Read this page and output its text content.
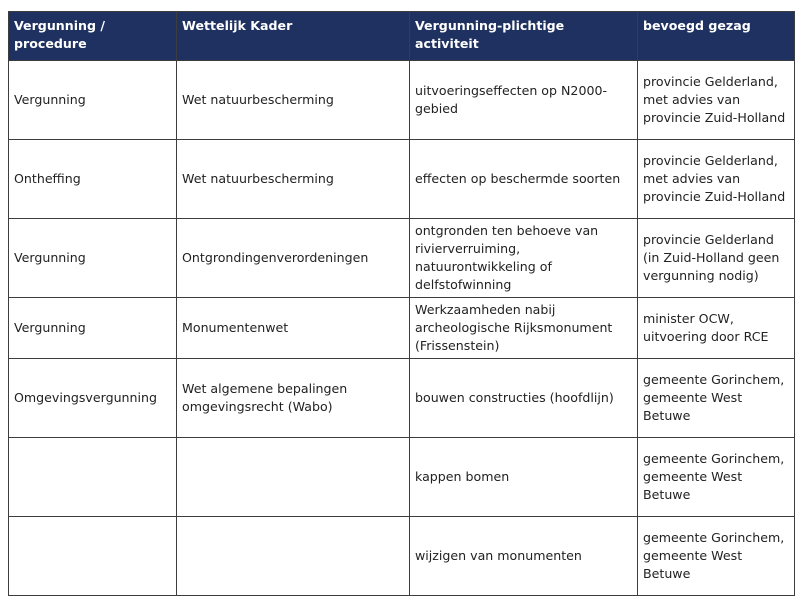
Vergunning / procedure	Wettelijk Kader	Vergunning-plichtige activiteit	bevoegd gezag
Vergunning	Wet natuurbescherming	uitvoeringseffecten op N2000-gebied	provincie Gelderland, met advies van provincie Zuid-Holland
Ontheffing	Wet natuurbescherming	effecten op beschermde soorten	provincie Gelderland, met advies van provincie Zuid-Holland
Vergunning	Ontgrondingenverordeningen	ontgronden ten behoeve van rivierverruiming, natuurontwikkeling of delfstofwinning	provincie Gelderland (in Zuid-Holland geen vergunning nodig)
Vergunning	Monumentenwet	Werkzaamheden nabij archeologische Rijksmonument (Frissenstein)	minister OCW, uitvoering door RCE
Omgevingsvergunning	Wet algemene bepalingen omgevingsrecht (Wabo)	bouwen constructies (hoofdlijn)	gemeente Gorinchem, gemeente West Betuwe
		kappen bomen	gemeente Gorinchem, gemeente West Betuwe
		wijzigen van monumenten	gemeente Gorinchem, gemeente West Betuwe
